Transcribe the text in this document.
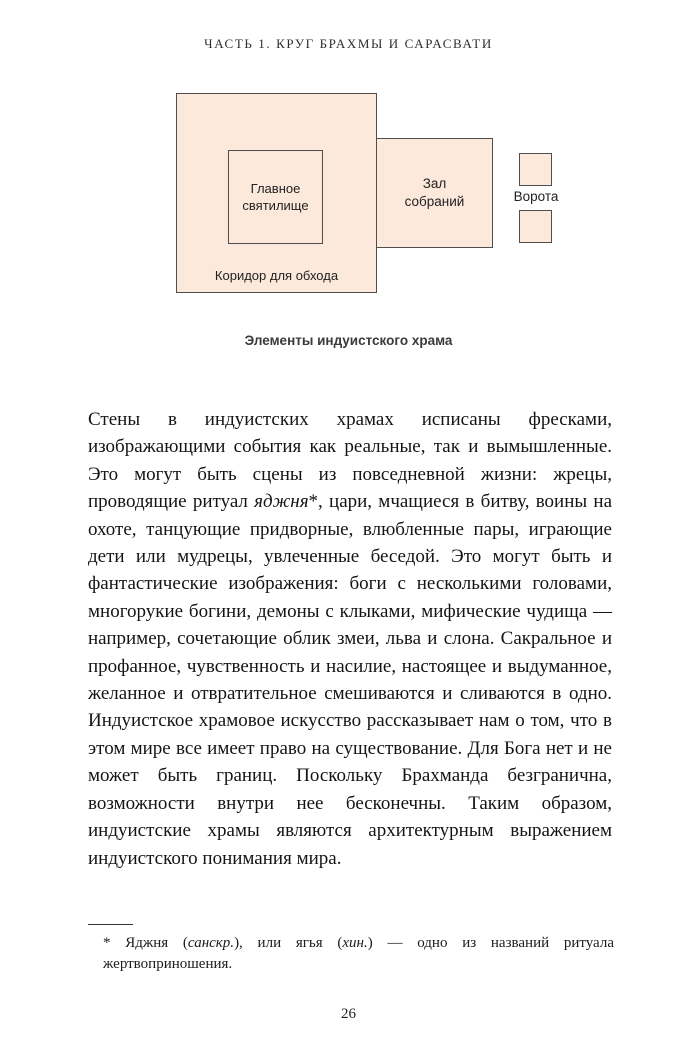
ЧАСТЬ 1. КРУГ БРАХМЫ И САРАСВАТИ
Коридор для обхода
Главное святилище
Зал собраний	Ворота
Элементы индуистского храма

Стены в индуистских храмах исписаны фресками, изображающими события как реальные, так и вымышленные. Это могут быть сцены из повседневной жизни: жрецы, проводящие ритуал яджня*, цари, мчащиеся в битву, воины на охоте, танцующие придворные, влюбленные пары, играющие дети или мудрецы, увлеченные беседой. Это могут быть и фантастические изображения: боги с несколькими головами, многорукие богини, демоны с клыками, мифические чудища — например, сочетающие облик змеи, льва и слона. Сакральное и профанное, чувственность и насилие, настоящее и выдуманное, желанное и отвратительное смешиваются и сливаются в одно. Индуистское храмовое искусство рассказывает нам о том, что в этом мире все имеет право на существование. Для Бога нет и не может быть границ. Поскольку Брахманда безгранична, возможности внутри нее бесконечны. Таким образом, индуистские храмы являются архитектурным выражением индуистского понимания мира.

* Яджня (санскр.), или ягья (хин.) — одно из названий ритуала жертвоприношения.

26
